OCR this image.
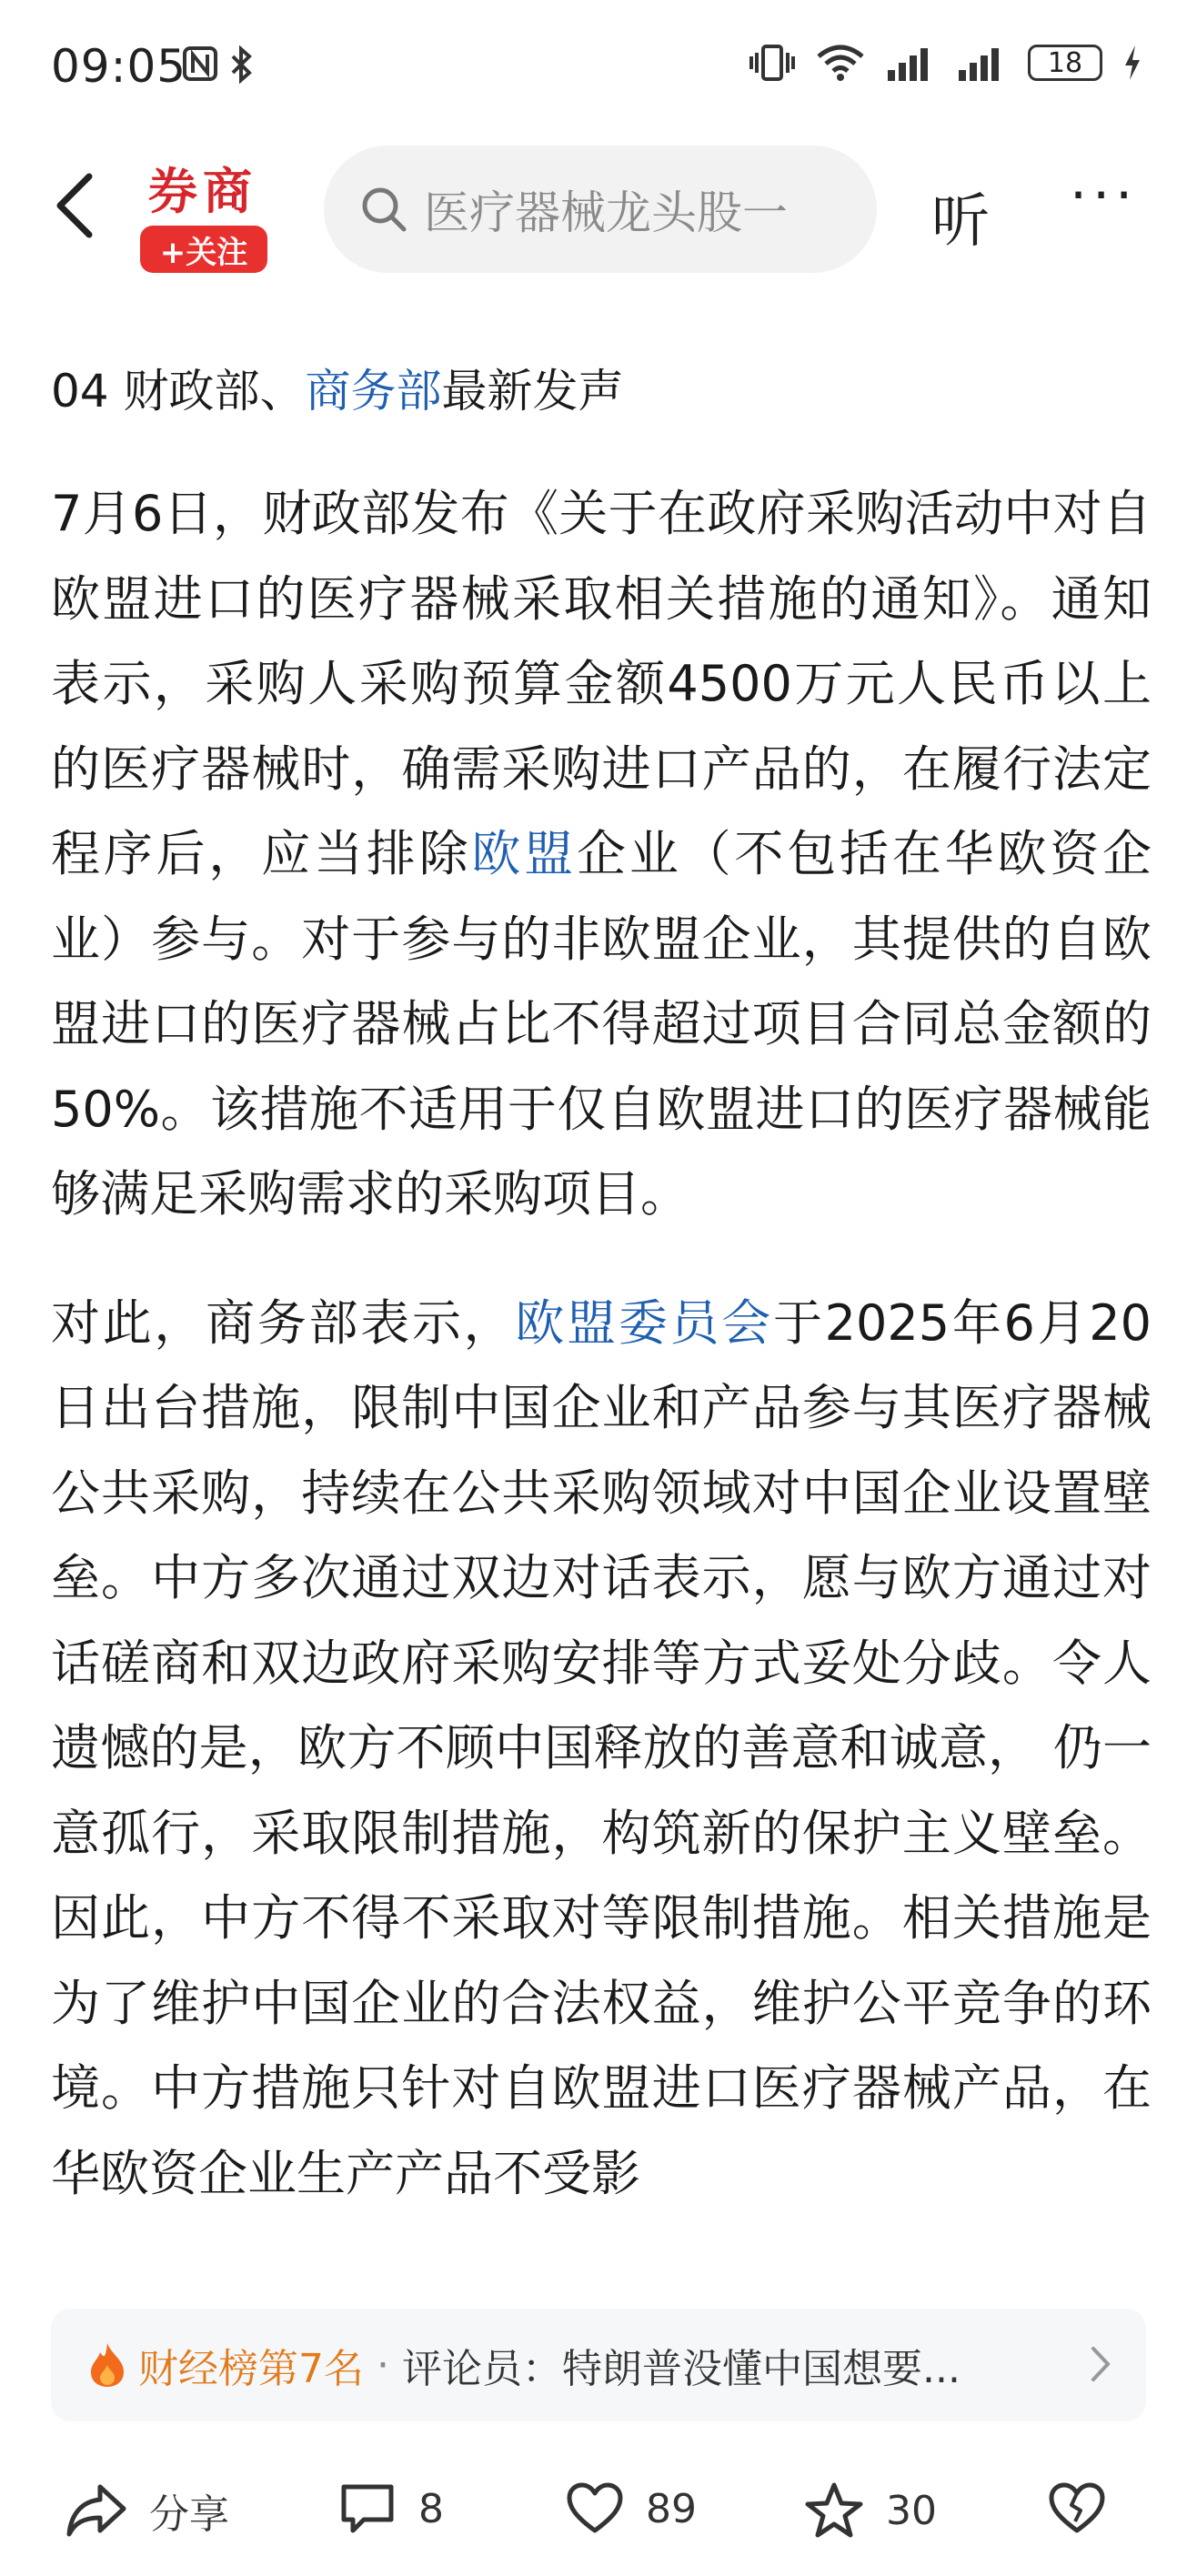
09:05	18
券商
+关注
医疗器械龙头股一	听 ···
04 财政部、商务部最新发声

7月6日，财政部发布《关于在政府采购活动中对自欧盟进口的医疗器械采取相关措施的通知》。通知表示，采购人采购预算金额4500万元人民币以上的医疗器械时，确需采购进口产品的，在履行法定程序后，应当排除欧盟企业（不包括在华欧资企业）参与。对于参与的非欧盟企业，其提供的自欧盟进口的医疗器械占比不得超过项目合同总金额的50%。该措施不适用于仅自欧盟进口的医疗器械能够满足采购需求的采购项目。

对此，商务部表示，欧盟委员会于2025年6月20日出台措施，限制中国企业和产品参与其医疗器械公共采购，持续在公共采购领域对中国企业设置壁垒。中方多次通过双边对话表示，愿与欧方通过对话磋商和双边政府采购安排等方式妥处分歧。令人遗憾的是，欧方不顾中国释放的善意和诚意， 仍一意孤行，采取限制措施，构筑新的保护主义壁垒。因此，中方不得不采取对等限制措施。相关措施是为了维护中国企业的合法权益，维护公平竞争的环境。中方措施只针对自欧盟进口医疗器械产品，在华欧资企业生产产品不受影

财经榜第7名 · 评论员：特朗普没懂中国想要...
分享	8	89	30
